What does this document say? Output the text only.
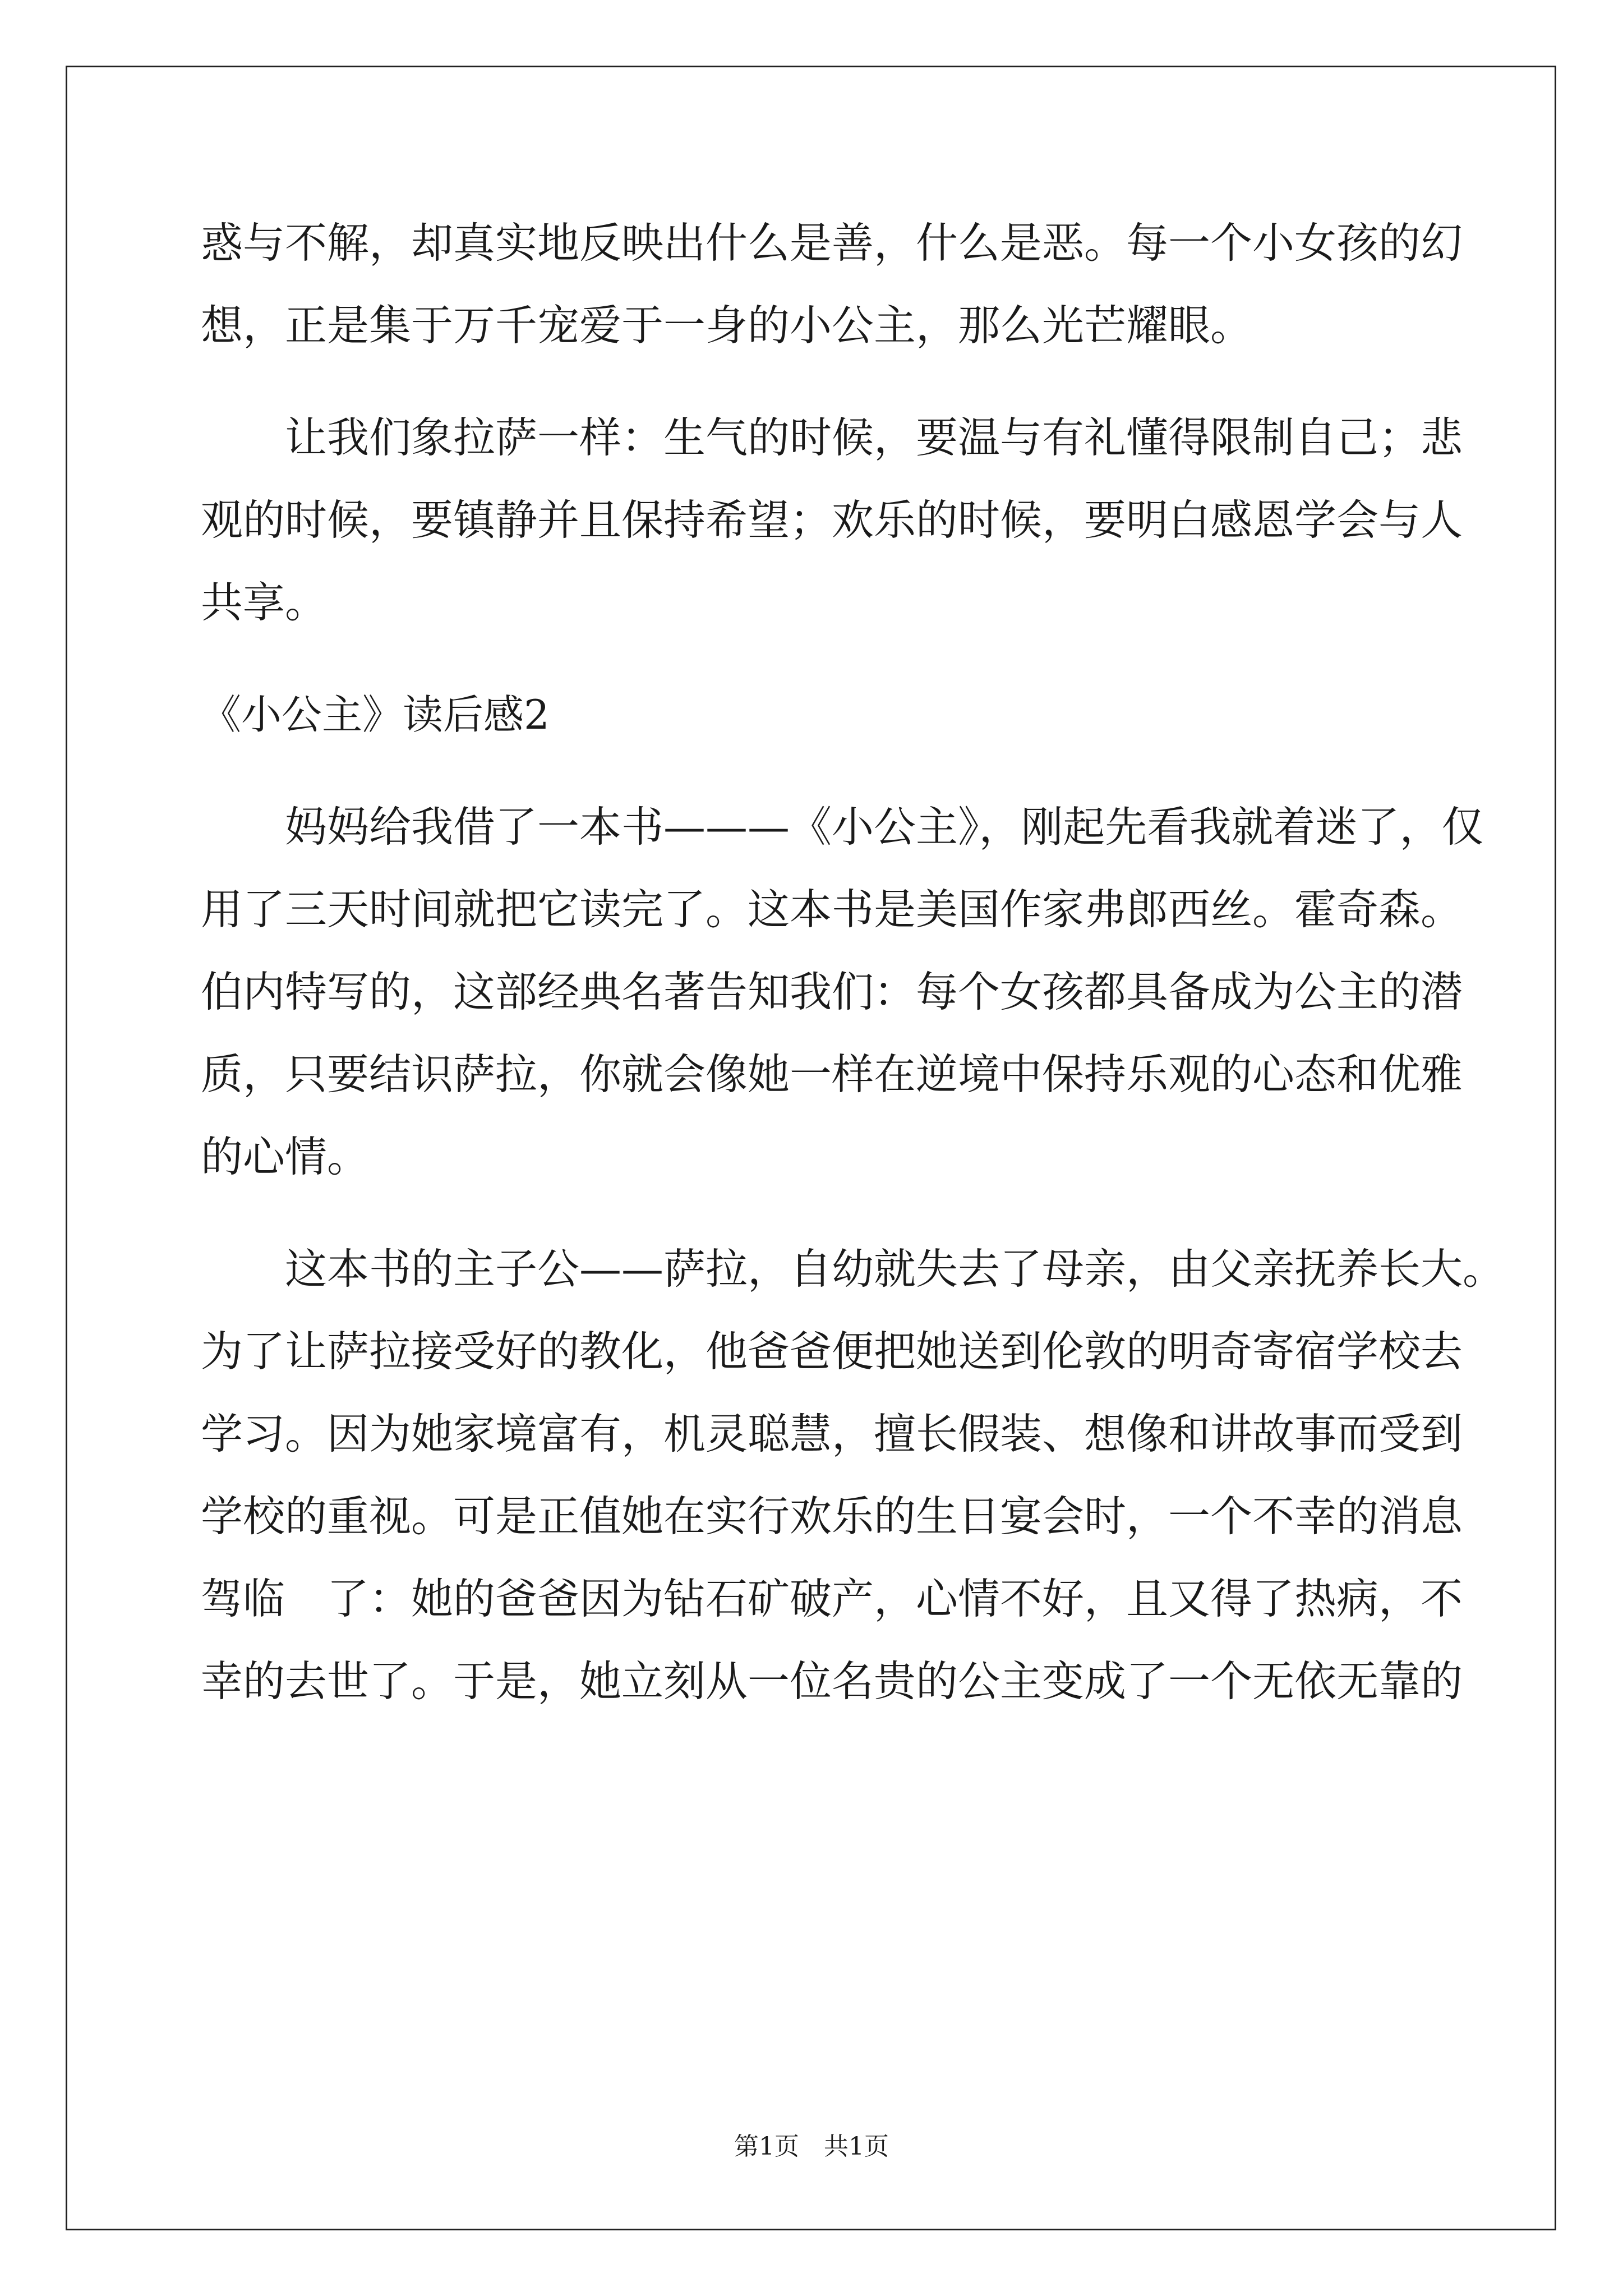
惑与不解，却真实地反映出什么是善，什么是恶。每一个小女孩的幻

想，正是集于万千宠爱于一身的小公主，那么光芒耀眼。

　　让我们象拉萨一样：生气的时候，要温与有礼懂得限制自己；悲

观的时候，要镇静并且保持希望；欢乐的时候，要明白感恩学会与人

共享。

《小公主》读后感2

　　妈妈给我借了一本书———《小公主》，刚起先看我就着迷了，仅

用了三天时间就把它读完了。这本书是美国作家弗郎西丝。霍奇森。

伯内特写的，这部经典名著告知我们：每个女孩都具备成为公主的潜

质，只要结识萨拉，你就会像她一样在逆境中保持乐观的心态和优雅

的心情。

　　这本书的主子公——萨拉，自幼就失去了母亲，由父亲抚养长大。

为了让萨拉接受好的教化，他爸爸便把她送到伦敦的明奇寄宿学校去

学习。因为她家境富有，机灵聪慧，擅长假装、想像和讲故事而受到

学校的重视。可是正值她在实行欢乐的生日宴会时，一个不幸的消息

驾临　了：她的爸爸因为钻石矿破产，心情不好，且又得了热病，不

幸的去世了。于是，她立刻从一位名贵的公主变成了一个无依无靠的

第1页　共1页
